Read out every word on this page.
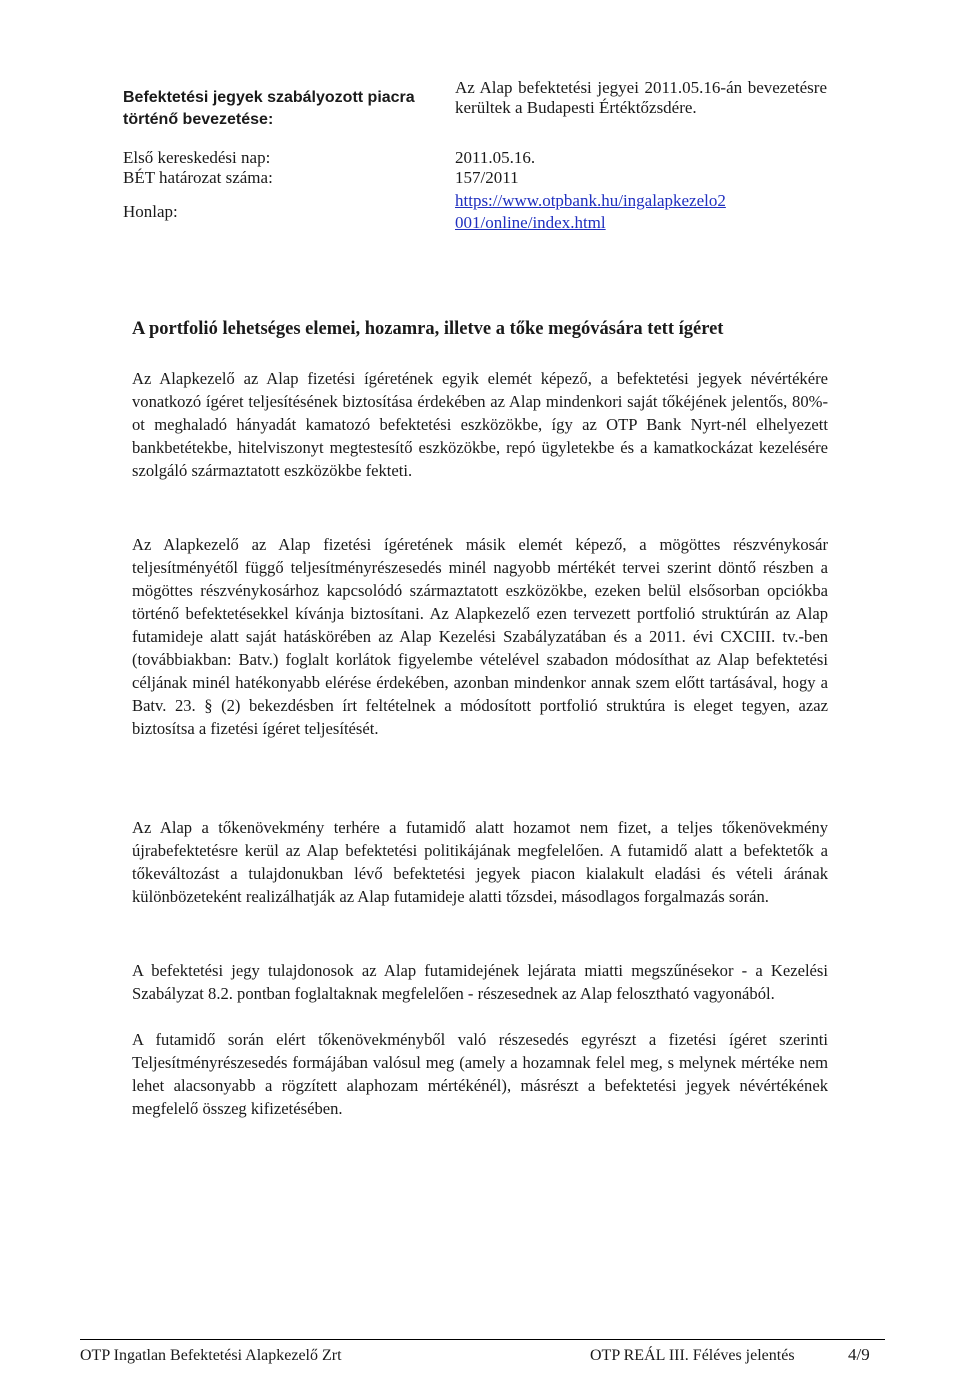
Befektetési jegyek szabályozott piacra történő bevezetése:
Az Alap befektetési jegyei 2011.05.16-án bevezetésre kerültek a Budapesti Értéktőzsdére.
Első kereskedési nap:	2011.05.16.
BÉT határozat száma:	157/2011
Honlap:
https://www.otpbank.hu/ingalapkezelo2
001/online/index.html
A portfolió lehetséges elemei, hozamra, illetve a tőke megóvására tett ígéret
Az Alapkezelő az Alap fizetési ígéretének egyik elemét képező, a befektetési jegyek névértékére vonatkozó ígéret teljesítésének biztosítása érdekében az Alap mindenkori saját tőkéjének jelentős, 80%-ot meghaladó hányadát kamatozó befektetési eszközökbe, így az OTP Bank Nyrt-nél elhelyezett bankbetétekbe, hitelviszonyt megtestesítő eszközökbe, repó ügyletekbe és a kamatkockázat kezelésére szolgáló származtatott eszközökbe fekteti.
Az Alapkezelő az Alap fizetési ígéretének másik elemét képező, a mögöttes részvénykosár teljesítményétől függő teljesítményrészesedés minél nagyobb mértékét tervei szerint döntő részben a mögöttes részvénykosárhoz kapcsolódó származtatott eszközökbe, ezeken belül elsősorban opciókba történő befektetésekkel kívánja biztosítani. Az Alapkezelő ezen tervezett portfolió struktúrán az Alap futamideje alatt saját hatáskörében az Alap Kezelési Szabályzatában és a 2011. évi CXCIII. tv.-ben (továbbiakban: Batv.) foglalt korlátok figyelembe vételével szabadon módosíthat az Alap befektetési céljának minél hatékonyabb elérése érdekében, azonban mindenkor annak szem előtt tartásával, hogy a Batv. 23. § (2) bekezdésben írt feltételnek a módosított portfolió struktúra is eleget tegyen, azaz biztosítsa a fizetési ígéret teljesítését.
Az Alap a tőkenövekmény terhére a futamidő alatt hozamot nem fizet, a teljes tőkenövekmény újrabefektetésre kerül az Alap befektetési politikájának megfelelően. A futamidő alatt a befektetők a tőkeváltozást a tulajdonukban lévő befektetési jegyek piacon kialakult eladási és vételi árának különbözeteként realizálhatják az Alap futamideje alatti tőzsdei, másodlagos forgalmazás során.
A befektetési jegy tulajdonosok az Alap futamidejének lejárata miatti megszűnésekor - a Kezelési Szabályzat 8.2. pontban foglaltaknak megfelelően - részesednek az Alap felosztható vagyonából.
A futamidő során elért tőkenövekményből való részesedés egyrészt a fizetési ígéret szerinti Teljesítményrészesedés formájában valósul meg (amely a hozamnak felel meg, s melynek mértéke nem lehet alacsonyabb a rögzített alaphozam mértékénél), másrészt a befektetési jegyek névértékének megfelelő összeg kifizetésében.
OTP Ingatlan Befektetési Alapkezelő Zrt	OTP REÁL III. Féléves jelentés	4/9
